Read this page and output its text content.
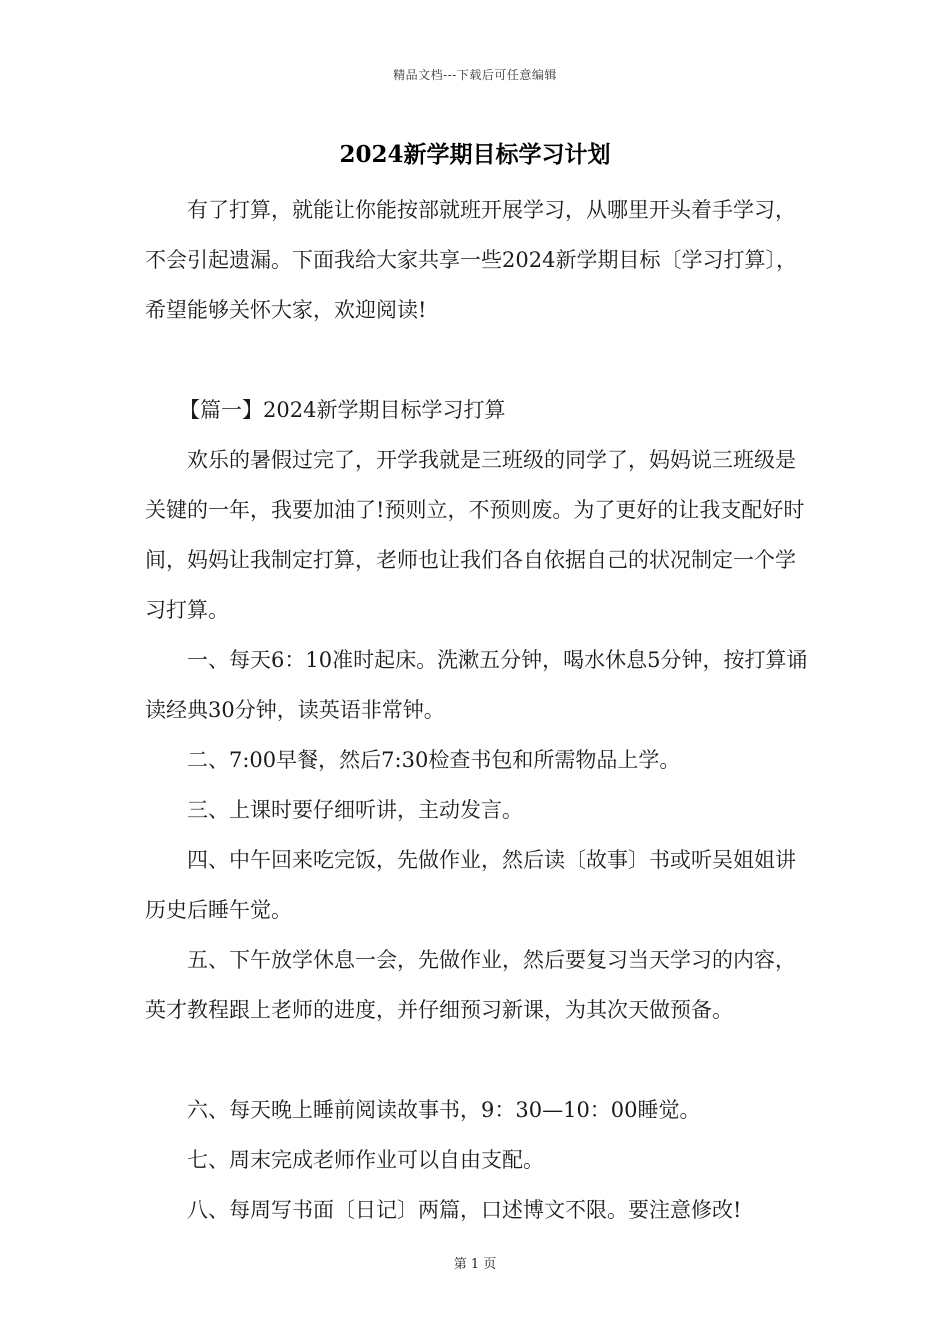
精品文档---下载后可任意编辑
2024新学期目标学习计划

有了打算，就能让你能按部就班开展学习，从哪里开头着手学习，不会引起遗漏。下面我给大家共享一些2024新学期目标〔学习打算〕，希望能够关怀大家，欢迎阅读!

【篇一】2024新学期目标学习打算

欢乐的暑假过完了，开学我就是三班级的同学了，妈妈说三班级是关键的一年，我要加油了!预则立，不预则废。为了更好的让我支配好时间，妈妈让我制定打算，老师也让我们各自依据自己的状况制定一个学习打算。

一、每天6：10准时起床。洗漱五分钟，喝水休息5分钟，按打算诵读经典30分钟，读英语非常钟。

二、7:00早餐，然后7:30检查书包和所需物品上学。

三、上课时要仔细听讲，主动发言。

四、中午回来吃完饭，先做作业，然后读〔故事〕书或听吴姐姐讲历史后睡午觉。

五、下午放学休息一会，先做作业，然后要复习当天学习的内容，英才教程跟上老师的进度，并仔细预习新课，为其次天做预备。

六、每天晚上睡前阅读故事书，9：30—10：00睡觉。

七、周末完成老师作业可以自由支配。

八、每周写书面〔日记〕两篇，口述博文不限。要注意修改!

第 1 页
